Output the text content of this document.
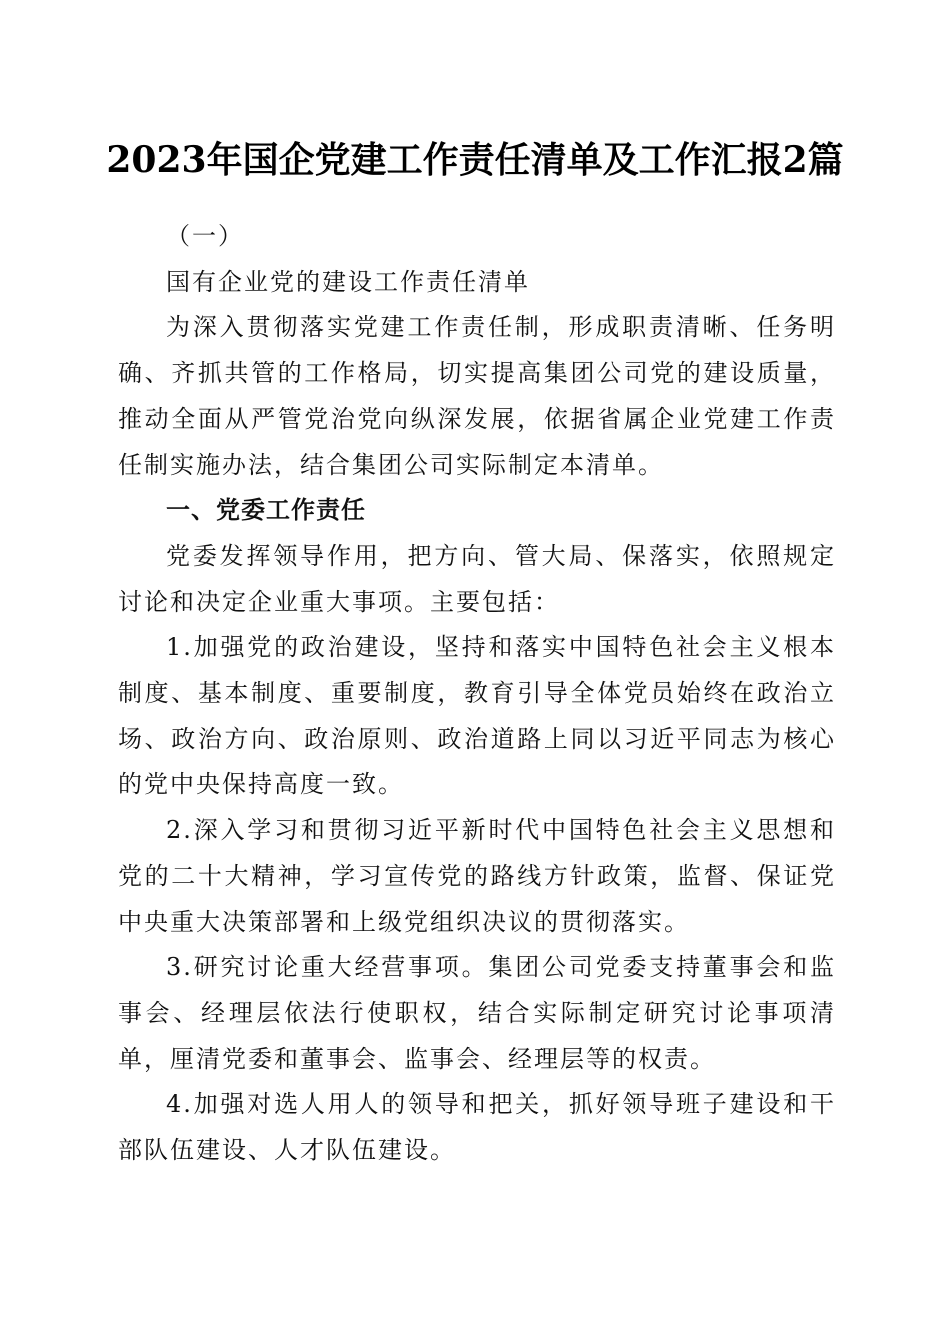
2023年国企党建工作责任清单及工作汇报2篇

（一）

国有企业党的建设工作责任清单

为深入贯彻落实党建工作责任制，形成职责清晰、任务明确、齐抓共管的工作格局，切实提高集团公司党的建设质量，推动全面从严管党治党向纵深发展，依据省属企业党建工作责任制实施办法，结合集团公司实际制定本清单。

一、党委工作责任

党委发挥领导作用，把方向、管大局、保落实，依照规定讨论和决定企业重大事项。主要包括：

1.加强党的政治建设，坚持和落实中国特色社会主义根本制度、基本制度、重要制度，教育引导全体党员始终在政治立场、政治方向、政治原则、政治道路上同以习近平同志为核心的党中央保持高度一致。

2.深入学习和贯彻习近平新时代中国特色社会主义思想和党的二十大精神，学习宣传党的路线方针政策，监督、保证党中央重大决策部署和上级党组织决议的贯彻落实。

3.研究讨论重大经营事项。集团公司党委支持董事会和监事会、经理层依法行使职权，结合实际制定研究讨论事项清单，厘清党委和董事会、监事会、经理层等的权责。

4.加强对选人用人的领导和把关，抓好领导班子建设和干部队伍建设、人才队伍建设。
